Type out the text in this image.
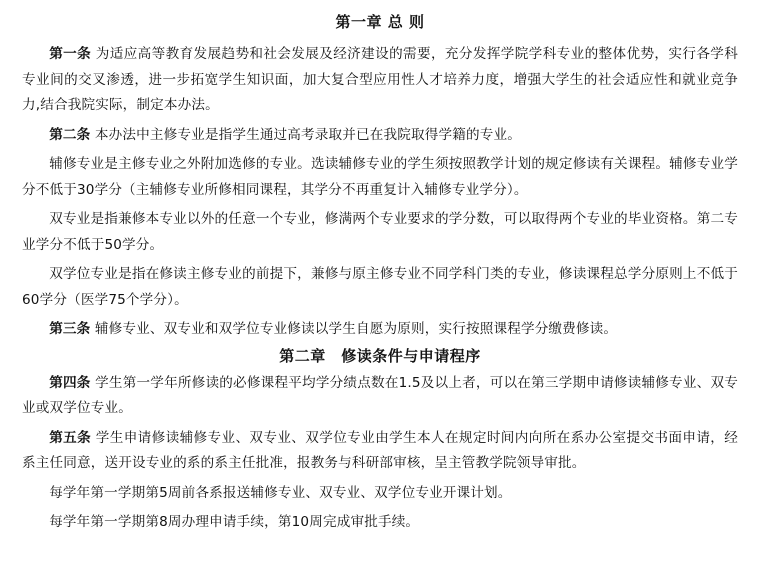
第一章 总 则

第一条 为适应高等教育发展趋势和社会发展及经济建设的需要，充分发挥学院学科专业的整体优势，实行各学科专业间的交叉渗透，进一步拓宽学生知识面，加大复合型应用性人才培养力度，增强大学生的社会适应性和就业竞争力,结合我院实际，制定本办法。

第二条 本办法中主修专业是指学生通过高考录取并已在我院取得学籍的专业。

辅修专业是主修专业之外附加选修的专业。选读辅修专业的学生须按照教学计划的规定修读有关课程。辅修专业学分不低于30学分（主辅修专业所修相同课程，其学分不再重复计入辅修专业学分）。

双专业是指兼修本专业以外的任意一个专业，修满两个专业要求的学分数，可以取得两个专业的毕业资格。第二专业学分不低于50学分。

双学位专业是指在修读主修专业的前提下，兼修与原主修专业不同学科门类的专业，修读课程总学分原则上不低于60学分（医学75个学分）。

第三条 辅修专业、双专业和双学位专业修读以学生自愿为原则，实行按照课程学分缴费修读。

第二章　修读条件与申请程序

第四条 学生第一学年所修读的必修课程平均学分绩点数在1.5及以上者，可以在第三学期申请修读辅修专业、双专业或双学位专业。

第五条 学生申请修读辅修专业、双专业、双学位专业由学生本人在规定时间内向所在系办公室提交书面申请，经系主任同意，送开设专业的系的系主任批准，报教务与科研部审核，呈主管教学院领导审批。

每学年第一学期第5周前各系报送辅修专业、双专业、双学位专业开课计划。

每学年第一学期第8周办理申请手续，第10周完成审批手续。
